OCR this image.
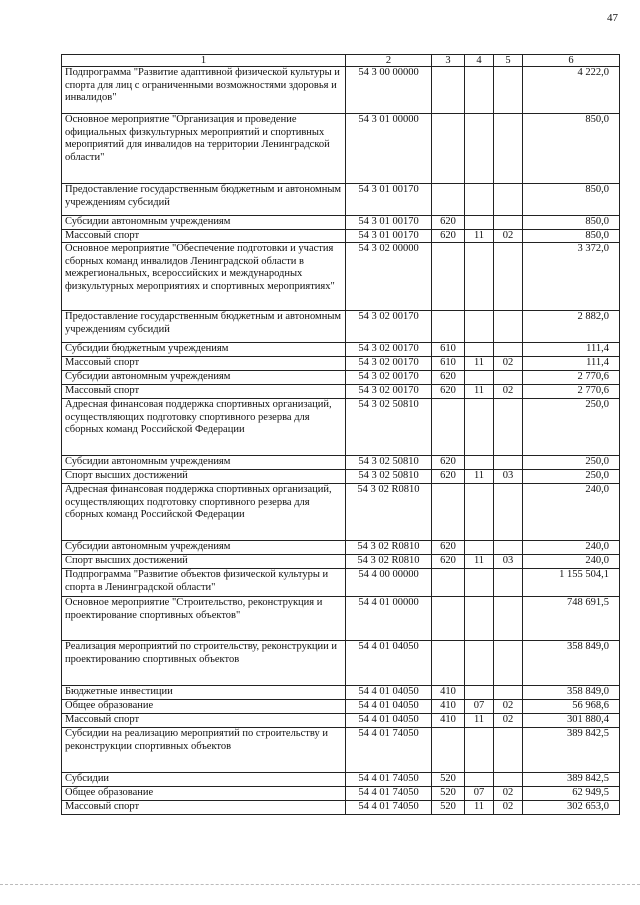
47
1	2	3	4	5	6
Подпрограмма "Развитие адаптивной физической культуры и спорта для лиц с ограниченными возможностями здоровья и инвалидов"	54 3 00 00000				4 222,0
Основное мероприятие "Организация и проведение официальных физкультурных мероприятий и спортивных мероприятий для инвалидов на территории Ленинградской области"	54 3 01 00000				850,0
Предоставление государственным бюджетным и автономным учреждениям субсидий	54 3 01 00170				850,0
Субсидии автономным учреждениям	54 3 01 00170	620			850,0
Массовый спорт	54 3 01 00170	620	11	02	850,0
Основное мероприятие "Обеспечение подготовки и участия сборных команд инвалидов Ленинградской области в межрегиональных, всероссийских и международных физкультурных мероприятиях и спортивных мероприятиях"	54 3 02 00000				3 372,0
Предоставление государственным бюджетным и автономным учреждениям субсидий	54 3 02 00170				2 882,0
Субсидии бюджетным учреждениям	54 3 02 00170	610			111,4
Массовый спорт	54 3 02 00170	610	11	02	111,4
Субсидии автономным учреждениям	54 3 02 00170	620			2 770,6
Массовый спорт	54 3 02 00170	620	11	02	2 770,6
Адресная финансовая поддержка спортивных организаций, осуществляющих подготовку спортивного резерва для сборных команд Российской Федерации	54 3 02 50810				250,0
Субсидии автономным учреждениям	54 3 02 50810	620			250,0
Спорт высших достижений	54 3 02 50810	620	11	03	250,0
Адресная финансовая поддержка спортивных организаций, осуществляющих подготовку спортивного резерва для сборных команд Российской Федерации	54 3 02 R0810				240,0
Субсидии автономным учреждениям	54 3 02 R0810	620			240,0
Спорт высших достижений	54 3 02 R0810	620	11	03	240,0
Подпрограмма "Развитие объектов физической культуры и спорта в Ленинградской области"	54 4 00 00000				1 155 504,1
Основное мероприятие "Строительство, реконструкция и проектирование спортивных объектов"	54 4 01 00000				748 691,5
Реализация мероприятий по строительству, реконструкции и проектированию спортивных объектов	54 4 01 04050				358 849,0
Бюджетные инвестиции	54 4 01 04050	410			358 849,0
Общее образование	54 4 01 04050	410	07	02	56 968,6
Массовый спорт	54 4 01 04050	410	11	02	301 880,4
Субсидии на реализацию мероприятий по строительству и реконструкции спортивных объектов	54 4 01 74050				389 842,5
Субсидии	54 4 01 74050	520			389 842,5
Общее образование	54 4 01 74050	520	07	02	62 949,5
Массовый спорт	54 4 01 74050	520	11	02	302 653,0
